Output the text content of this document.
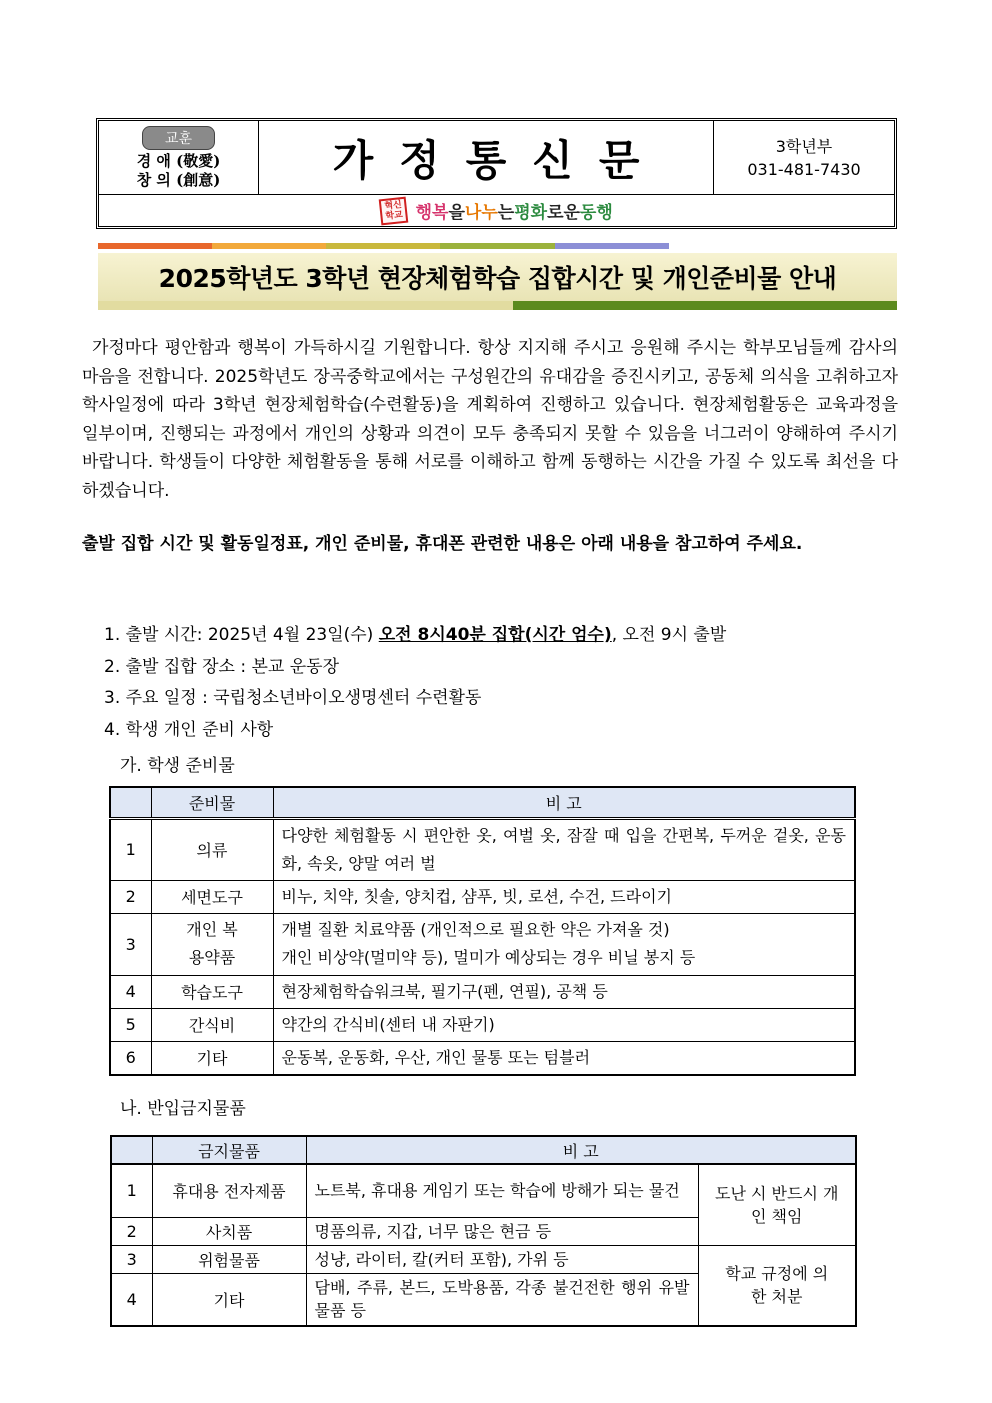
교훈
경 애 (敬愛)
창 의 (創意)	가정통신문	3학년부
031-481-7430
혁신
학교 행복 을 나누 는 평화 로운 동행
2025학년도 3학년 현장체험학습 집합시간 및 개인준비물 안내

가정마다 평안함과 행복이 가득하시길 기원합니다. 항상 지지해 주시고 응원해 주시는 학부모님들께 감사의 마음을 전합니다. 2025학년도 장곡중학교에서는 구성원간의 유대감을 증진시키고, 공동체 의식을 고취하고자 학사일정에 따라 3학년 현장체험학습(수련활동)을 계획하여 진행하고 있습니다. 현장체험활동은 교육과정을 일부이며, 진행되는 과정에서 개인의 상황과 의견이 모두 충족되지 못할 수 있음을 너그러이 양해하여 주시기 바랍니다. 학생들이 다양한 체험활동을 통해 서로를 이해하고 함께 동행하는 시간을 가질 수 있도록 최선을 다하겠습니다.

출발 집합 시간 및 활동일정표, 개인 준비물, 휴대폰 관련한 내용은 아래 내용을 참고하여 주세요.
1. 출발 시간: 2025년 4월 23일(수) 오전 8시40분 집합(시간 엄수), 오전 9시 출발
2. 출발 집합 장소 : 본교 운동장
3. 주요 일정 : 국립청소년바이오생명센터 수련활동
4. 학생 개인 준비 사항
가. 학생 준비물
	준비물	비 고
1	의류	다양한 체험활동 시 편안한 옷, 여벌 옷, 잠잘 때 입을 간편복, 두꺼운 겉옷, 운동화, 속옷, 양말 여러 벌
2	세면도구	비누, 치약, 칫솔, 양치컵, 샴푸, 빗, 로션, 수건, 드라이기
3	개인 복용약품	개별 질환 치료약품 (개인적으로 필요한 약은 가져올 것)
개인 비상약(멀미약 등), 멀미가 예상되는 경우 비닐 봉지 등

4	학습도구	현장체험학습워크북, 필기구(펜, 연필), 공책 등
5	간식비	약간의 간식비(센터 내 자판기)
6	기타	운동복, 운동화, 우산, 개인 물통 또는 텀블러
나. 반입금지물품
	금지물품	비 고	
1	휴대용 전자제품	노트북, 휴대용 게임기 또는 학습에 방해가 되는 물건	도난 시 반드시 개인 책임
2	사치품	명품의류, 지갑, 너무 많은 현금 등	
3	위험물품	성냥, 라이터, 칼(커터 포함), 가위 등	학교 규정에 의한 처분
4	기타	담배, 주류, 본드, 도박용품, 각종 불건전한 행위 유발 물품 등	
